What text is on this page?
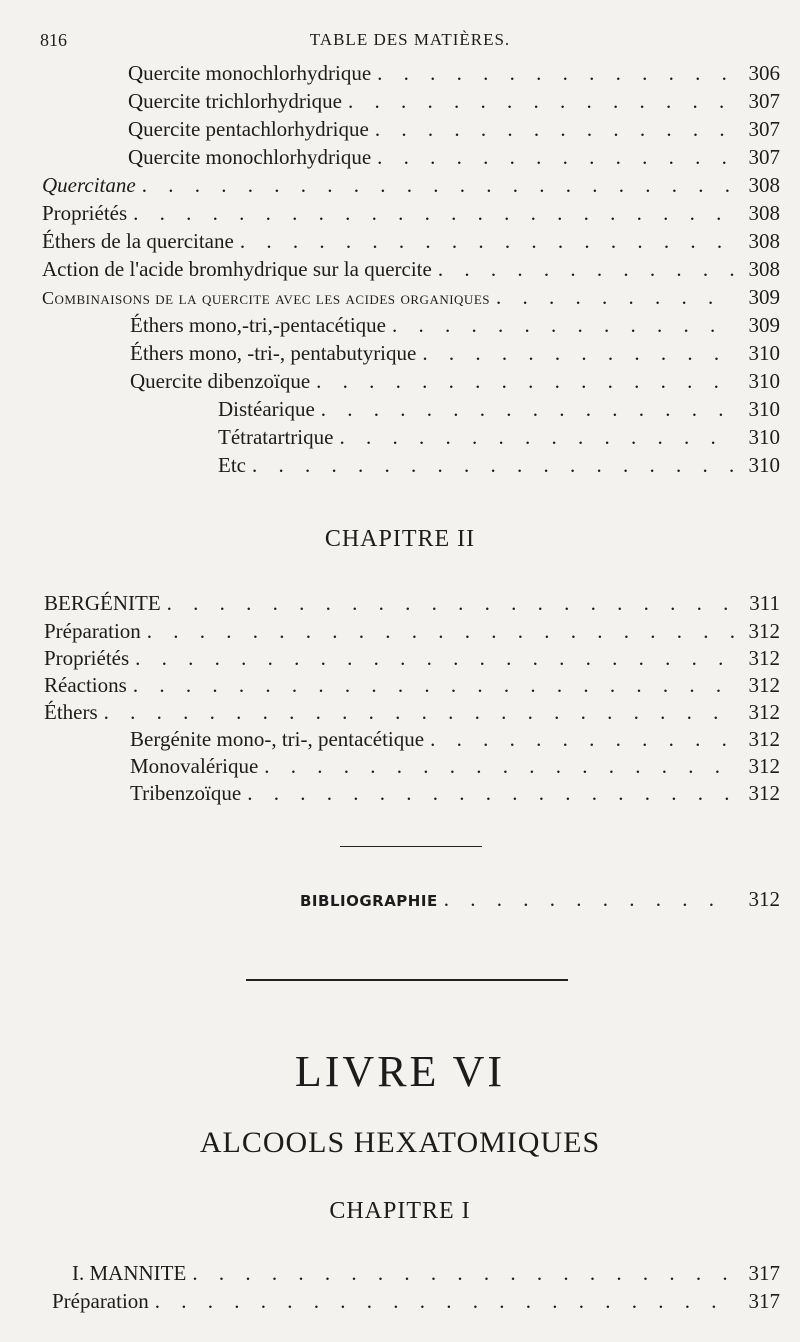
816	TABLE DES MATIÈRES.
Quercite monochlorhydrique . . .	306
Quercite trichlorhydrique . . .	307
Quercite pentachlorhydrique . . .	307
Quercite monochlorhydrique . . .	307
Quercitane . . .	308
Propriétés . . .	308
Éthers de la quercitane . . .	308
Action de l'acide bromhydrique sur la quercite . . .	308
Combinaisons de la quercite avec les acides organiques . . .	309
Éthers mono,-tri,-pentacétique . . .	309
Éthers mono, -tri-, pentabutyrique . . .	310
Quercite dibenzoïque . . .	310
Distéarique . . .	310
Tétratartrique . . .	310
Etc . . .	310
CHAPITRE II
BERGÉNITE . . .	311
Préparation . . .	312
Propriétés . . .	312
Réactions . . .	312
Éthers . . .	312
Bergénite mono-, tri-, pentacétique . . .	312
Monovalérique . . .	312
Tribenzoïque . . .	312
BIBLIOGRAPHIE . . .	312
LIVRE VI
ALCOOLS HEXATOMIQUES
CHAPITRE I
I. MANNITE . . .	317
Préparation . . .	317
